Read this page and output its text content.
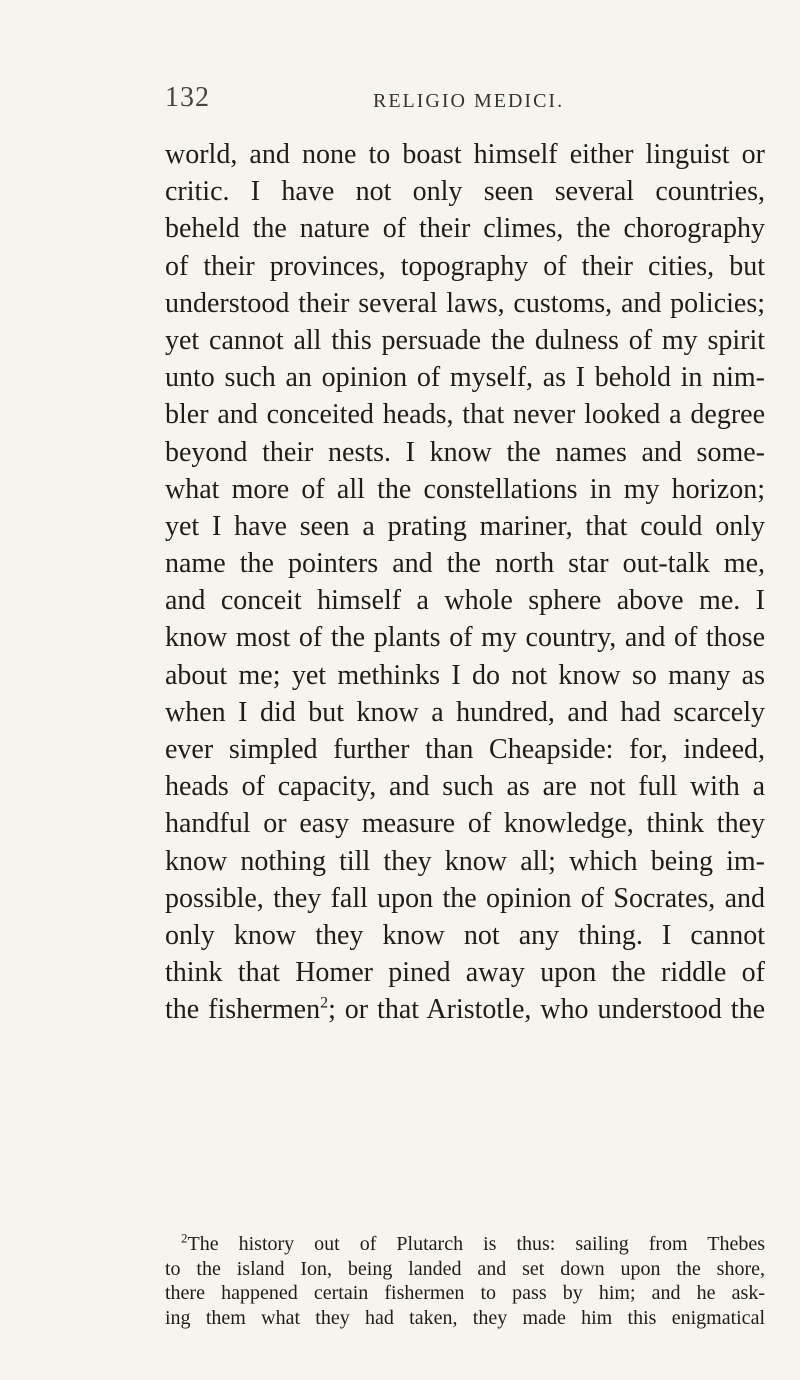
132	RELIGIO MEDICI.
world, and none to boast himself either linguist or
critic. I have not only seen several countries,
beheld the nature of their climes, the chorography
of their provinces, topography of their cities, but
understood their several laws, customs, and policies;
yet cannot all this persuade the dulness of my spirit
unto such an opinion of myself, as I behold in nim-
bler and conceited heads, that never looked a degree
beyond their nests. I know the names and some-
what more of all the constellations in my horizon;
yet I have seen a prating mariner, that could only
name the pointers and the north star out-talk me,
and conceit himself a whole sphere above me. I
know most of the plants of my country, and of those
about me; yet methinks I do not know so many as
when I did but know a hundred, and had scarcely
ever simpled further than Cheapside: for, indeed,
heads of capacity, and such as are not full with a
handful or easy measure of knowledge, think they
know nothing till they know all; which being im-
possible, they fall upon the opinion of Socrates, and
only know they know not any thing. I cannot
think that Homer pined away upon the riddle of
the fishermen$^2$; or that Aristotle, who understood the
$^2$The history out of Plutarch is thus: sailing from Thebes
to the island Ion, being landed and set down upon the shore,
there happened certain fishermen to pass by him; and he ask-
ing them what they had taken, they made him this enigmatical
